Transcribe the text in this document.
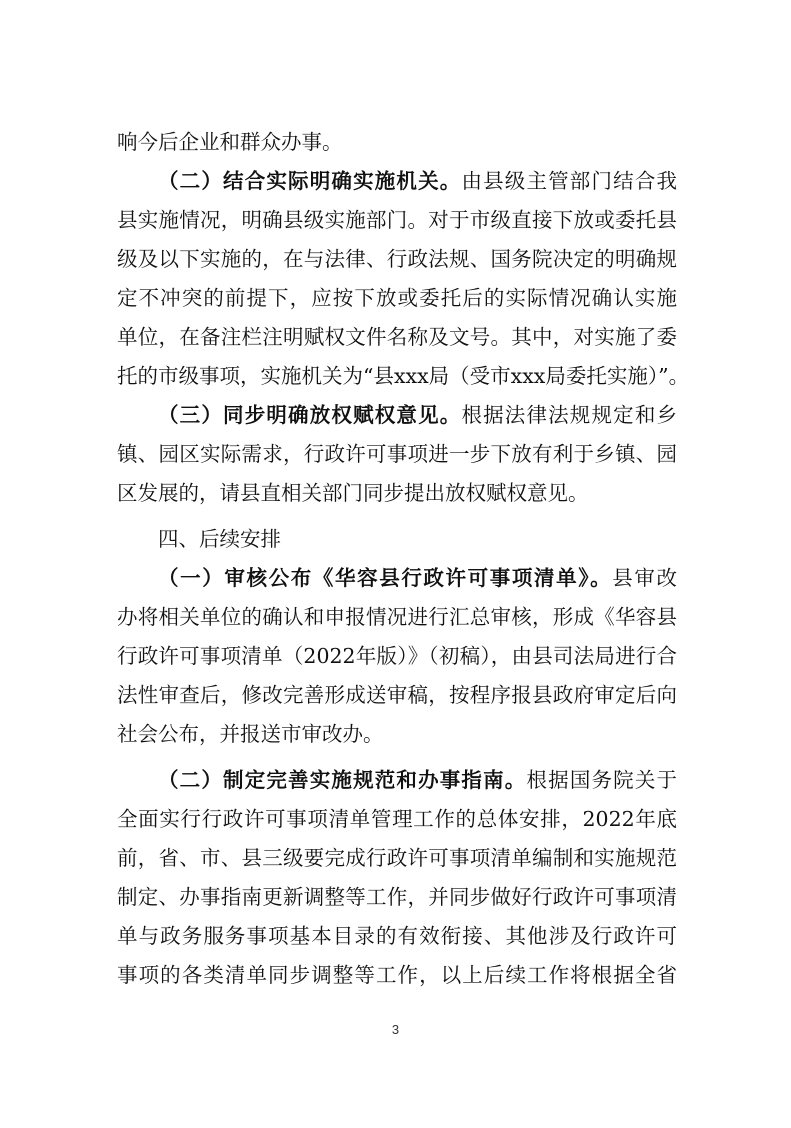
响今后企业和群众办事。
（二）结合实际明确实施机关。由县级主管部门结合我
县实施情况，明确县级实施部门。对于市级直接下放或委托县
级及以下实施的，在与法律、行政法规、国务院决定的明确规
定不冲突的前提下，应按下放或委托后的实际情况确认实施
单位，在备注栏注明赋权文件名称及文号。其中，对实施了委
托的市级事项，实施机关为“县xxx局（受市xxx局委托实施）”。
（三）同步明确放权赋权意见。根据法律法规规定和乡
镇、园区实际需求，行政许可事项进一步下放有利于乡镇、园
区发展的，请县直相关部门同步提出放权赋权意见。
四、后续安排
（一）审核公布《华容县行政许可事项清单》。县审改
办将相关单位的确认和申报情况进行汇总审核，形成《华容县
行政许可事项清单（2022年版）》（初稿），由县司法局进行合
法性审查后，修改完善形成送审稿，按程序报县政府审定后向
社会公布，并报送市审改办。
（二）制定完善实施规范和办事指南。根据国务院关于
全面实行行政许可事项清单管理工作的总体安排，2022年底
前，省、市、县三级要完成行政许可事项清单编制和实施规范
制定、办事指南更新调整等工作，并同步做好行政许可事项清
单与政务服务事项基本目录的有效衔接、其他涉及行政许可
事项的各类清单同步调整等工作，以上后续工作将根据全省
3
